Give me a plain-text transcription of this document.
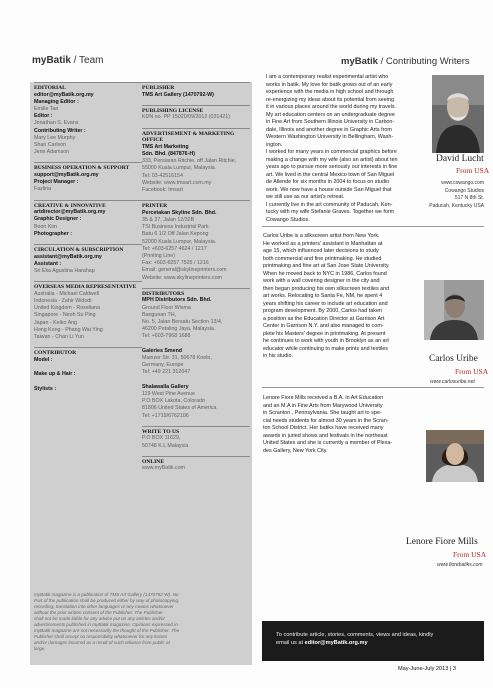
myBatik / Team	myBatik / Contributing Writers
EDITORIAL
editor@myBatik.org.my
Managing Editor :
Emilie Tan
Editor :
Jonathan S. Evans
Contributing Writer :
Mary Lee Murphy
Shan Carlson
Jenn Adamson
BUSINESS OPERATION & SUPPORT
support@myBatik.org.my
Project Manager :
Fazlina
CREATIVE & INNOVATIVE
artdirector@myBatik.org.my
Graphic Designer :
Boon Kim
Photographer :
CIRCULATION & SUBSCRIPTION
assistant@myBatik.org.my
Assistant :
Sri Eka Agustina Harahap
OVERSEAS MEDIA REPRESENTATIVE
Australia - Michael Caldwell
Indonesia - Zahir Widodi
United Kingdom - Roseliana
Singapore - Neoh Su Ping
Japan - Keiko Ang
Hong Kong - Phang Wai Ying
Taiwan - Chan Li Yun
CONTRIBUTOR
Model :

Make up & Hair :

Stylists :
PUBLISHER
TMS Art Gallery (1470792-W)
PUBLISHING LICENSE
KDN no. PP 15020/09/2012 (031421)
ADVERTISEMENT & MARKETING OFFICE
TMS Art Marketing
Sdn. Bhd. (847876-H)
333, Persiaran Ritchie, off Jalan Ritchie,
55000 Kuala Lumpur, Malaysia.
Tel: 03-42516154
Website: www.tmsart.com.my
Facebook: tmsart
PRINTER
Percetakan Skyline Sdn. Bhd.
35 & 37, Jalan 12/32B
TSI Business Industrial Park
Batu 6 1/2 Off Jalan Kepong
52000 Kuala Lumpur, Malaysia.
Tel: +603-6257 4624 / 1217
(Printing Line)
Fax: +603-6257 7525 / 1216
Email: general@skylineprinters.com
Website: www.skylineprinters.com
DISTRIBUTORS
MPH Distributors Sdn. Bhd.
Ground Floor Wisma
Bangunan TH,
No. 5, Jalan Bersatu Section 13/4,
46200 Petaling Jaya, Malaysia.
Tel: +603-7968 1688

Galeries Smend
Mainzer Str. 31, 50678 Koeln,
Germany, Europe
Tel: +49 221 312047

Shalawalla Gallery
119 West Pine Avenue
P.O BOX Lakota, Colorado
81806 United States of America
Tel: +1719/6762106
WRITE TO US
P.O BOX 11629,
50748 K.L Malaysia
ONLINE
www.myBatik.com
myBatik magazine is a publication of TMS Art Gallery (1470792-W). No
Part of the publication shall be produced either by way of photocopying,
recording, translation into other languages or any means whatsoever
without the prior written consent of the Publisher. The Publisher
shall not be made liable for any advice put on any articles and/or
advertisements published in myBatik magazine. Opinions expressed in
myBatik magazine are not necessarily the thought of the Publisher. The
Publisher shall accept no responsibility whatsoever for any losses
and/or damages incurred as a result of such reliance from public at
large.
I am a contemporary realist experimental artist who
works in batik. My love for batik grows out of an early
experience with the media in high school and through
re-energizing my ideas about its potential from seeing
it in various places around the world during my travels.
My art education centers on an undergraduate degree
in Fine Art from Southern Illinois University in Carbon-
dale, Illinois and another degree in Graphic Arts from
Western Washington University in Bellingham, Wash-
ington.
I worked for many years in commercial graphics before
making a change with my wife (also an artist) about ten
years ago to pursue more seriously our interests in fine
art. We lived in the central Mexico town of San Miguel
de Allende for six months in 2004 to focus on studio
work. We now have a house outside San Miguel that
we still use as our artist's retreat.
I currently live in the art community of Paducah, Ken-
tucky with my wife Stefanie Graves. Together we form
Cowango Studios.
David Lucht
From USA
www.cowango.com
Cowango Studios
517 N 8th St.
Paducah, Kentucky USA
Carlos Uribe is a silkscreen artist from New York.
He worked as a printers' assistant in Manhattan at
age 15, which influenced later decisions to study
both commercial and fine printmaking. He studied
printmaking and fine art at San Jose State University.
When he moved back to NYC in 1986, Carlos found
work with a wall covering designer in the city and
then began producing his own silkscreen textiles and
art works. Relocating to Santa Fe, NM, he spent 4
years shifting his career to include art education and
program development. By 2000, Carlos had taken
a position as the Education Director at Garrison Art
Center in Garrison N.Y. and also managed to com-
plete his Masters' degree in printmaking. At present
he continues to work with youth in Brooklyn as an art
educator while continuing to make prints and textiles
in his studio.	Carlos Uribe
From USA
www.carlosuribe.net
Lenore Fiore Mills received a B.A. in Art Education
and an M.A in Fine Arts from Marywood University
in Scranton , Pennsylvania. She taught art to spe-
cial needs students for almost 30 years in the Scran-
ton School District. Her batiks have received many
awards in juried shows and festivals in the northeast
United States and she is currently a member of Plexa-
des Gallery, New York City.
Lenore Fiore Mills
From USA
www.fiorebatiks.com
To contribute article, stories, comments, views and ideas, kindly
email us at editor@myBatik.org.my
May-June-July 2013 | 3
